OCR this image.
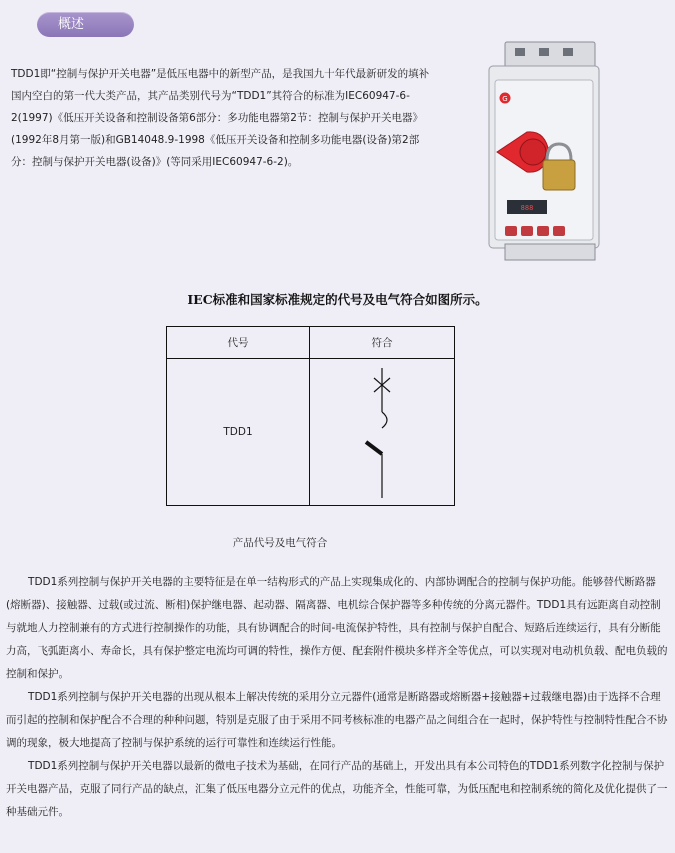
概述

TDD1即“控制与保护开关电器”是低压电器中的新型产品，是我国九十年代最新研发的填补国内空白的第一代大类产品，其产品类别代号为“TDD1”其符合的标准为IEC60947-6-2(1997)《低压开关设备和控制设备第6部分：多功能电器第2节：控制与保护开关电器》(1992年8月第一版)和GB14048.9-1998《低压开关设备和控制多功能电器(设备)第2部分：控制与保护开关电器(设备)》(等同采用IEC60947-6-2)。

G
888

IEC标准和国家标准规定的代号及电气符合如图所示。

代号	符合
TDD1	

产品代号及电气符合

TDD1系列控制与保护开关电器的主要特征是在单一结构形式的产品上实现集成化的、内部协调配合的控制与保护功能。能够替代断路器(熔断器)、接触器、过载(或过流、断相)保护继电器、起动器、隔离器、电机综合保护器等多种传统的分离元器件。TDD1具有远距离自动控制与就地人力控制兼有的方式进行控制操作的功能，具有协调配合的时间-电流保护特性，具有控制与保护自配合、短路后连续运行，具有分断能力高，飞弧距离小、寿命长，具有保护整定电流均可调的特性，操作方便、配套附件模块多样齐全等优点，可以实现对电动机负载、配电负载的控制和保护。

TDD1系列控制与保护开关电器的出现从根本上解决传统的采用分立元器件(通常是断路器或熔断器+接触器+过载继电器)由于选择不合理而引起的控制和保护配合不合理的种种问题，特别是克服了由于采用不同考核标准的电器产品之间组合在一起时，保护特性与控制特性配合不协调的现象，极大地提高了控制与保护系统的运行可靠性和连续运行性能。

TDD1系列控制与保护开关电器以最新的微电子技术为基础，在同行产品的基础上，开发出具有本公司特色的TDD1系列数字化控制与保护开关电器产品，克服了同行产品的缺点，汇集了低压电器分立元件的优点，功能齐全，性能可靠，为低压配电和控制系统的简化及优化提供了一种基础元件。
